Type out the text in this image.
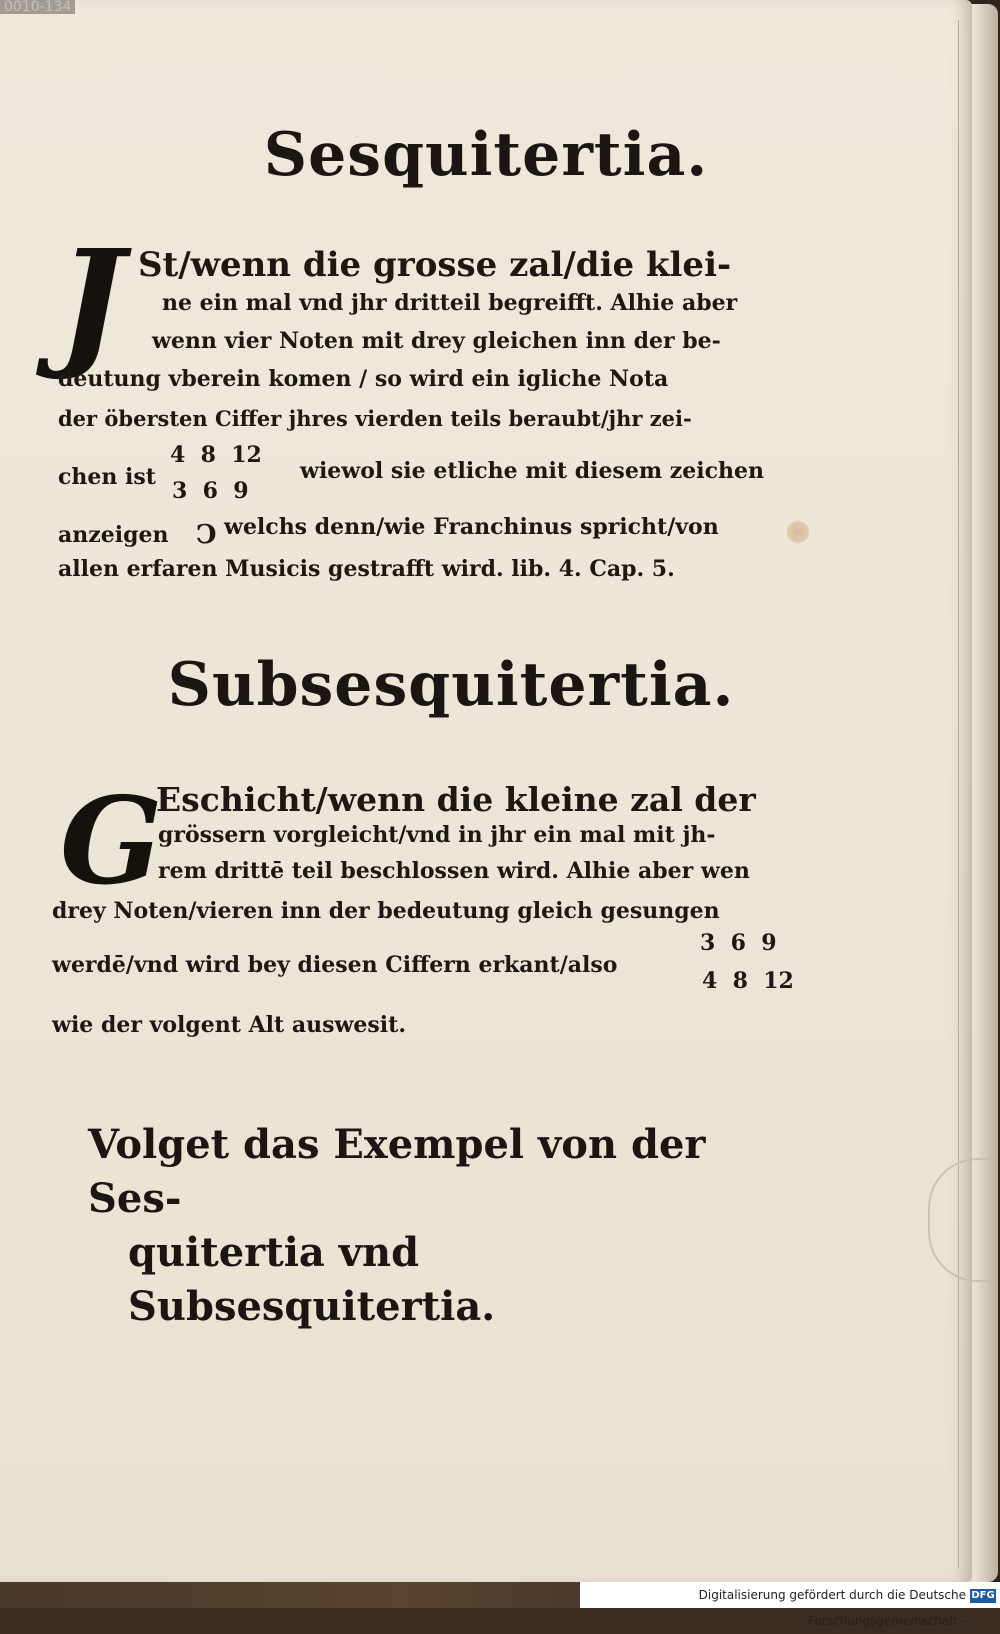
Sesquitertia.
J St/wenn die grosse zal/die klei-
ne ein mal vnd jhr dritteil begreifft. Alhie aber
wenn vier Noten mit drey gleichen inn der be-
deutung vberein komen / so wird ein igliche Nota
der öbersten Ciffer jhres vierden teils beraubt/jhr zei-
chen ist	wiewol sie etliche mit diesem zeichen
anzeigen	welchs denn/wie Franchinus spricht/von
allen erfaren Musicis gestrafft wird. lib. 4. Cap. 5.
4  8  12
3  6  9
Ͻ
Subsesquitertia.
G
Eschicht/wenn die kleine zal der
grössern vorgleicht/vnd in jhr ein mal mit jh-
rem drittē teil beschlossen wird. Alhie aber wen
drey Noten/vieren inn der bedeutung gleich gesungen
werdē/vnd wird bey diesen Ciffern erkant/also
wie der volgent Alt auswesit.
3  6  9
4  8  12
Volget das Exempel von der Ses-
quitertia vnd Subsesquitertia.
0010-134
Digitalisierung gefördert durch die Deutsche Forschungsgemeinschaft -
DFG
